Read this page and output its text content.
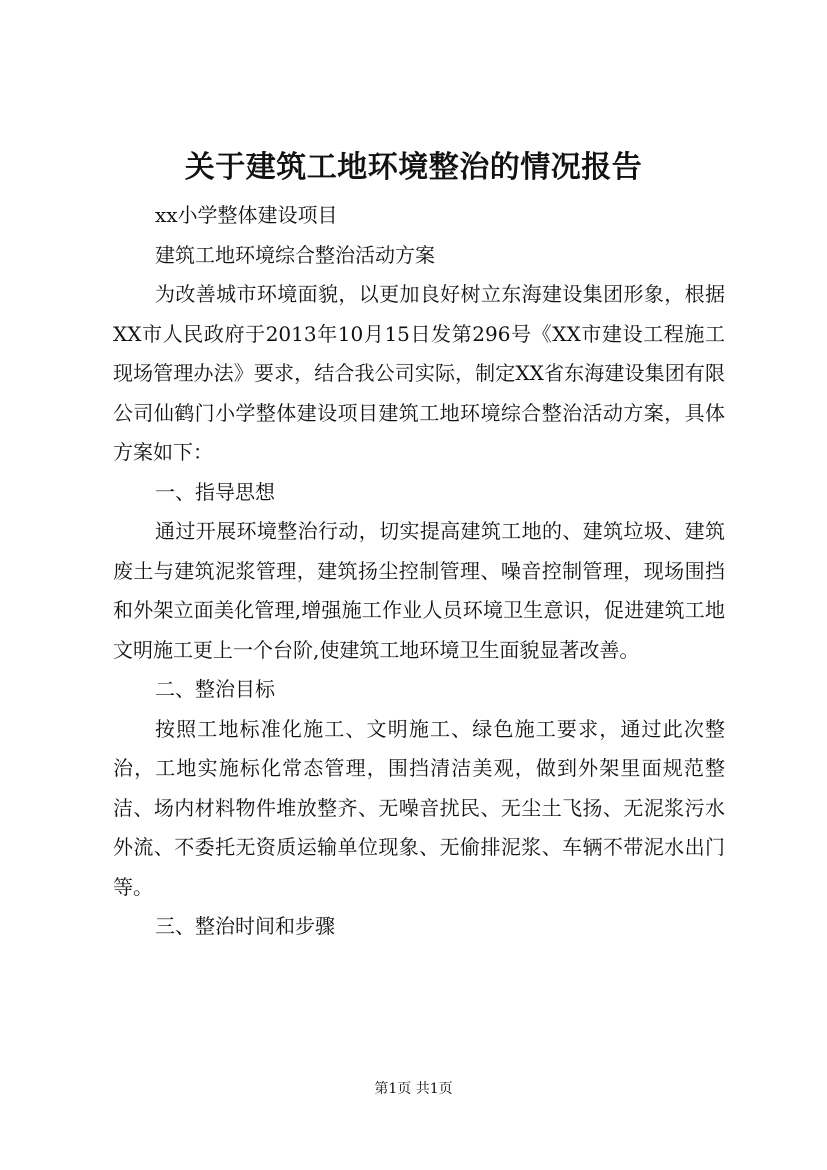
关于建筑工地环境整治的情况报告

xx小学整体建设项目

建筑工地环境综合整治活动方案

为改善城市环境面貌，以更加良好树立东海建设集团形象，根据XX市人民政府于2013年10月15日发第296号《XX市建设工程施工现场管理办法》要求，结合我公司实际，制定XX省东海建设集团有限公司仙鹤门小学整体建设项目建筑工地环境综合整治活动方案，具体方案如下：

一、指导思想

通过开展环境整治行动，切实提高建筑工地的、建筑垃圾、建筑废土与建筑泥浆管理，建筑扬尘控制管理、噪音控制管理，现场围挡和外架立面美化管理,增强施工作业人员环境卫生意识，促进建筑工地文明施工更上一个台阶,使建筑工地环境卫生面貌显著改善。

二、整治目标

按照工地标准化施工、文明施工、绿色施工要求，通过此次整治，工地实施标化常态管理，围挡清洁美观，做到外架里面规范整洁、场内材料物件堆放整齐、无噪音扰民、无尘土飞扬、无泥浆污水外流、不委托无资质运输单位现象、无偷排泥浆、车辆不带泥水出门等。

三、整治时间和步骤

第1页 共1页
